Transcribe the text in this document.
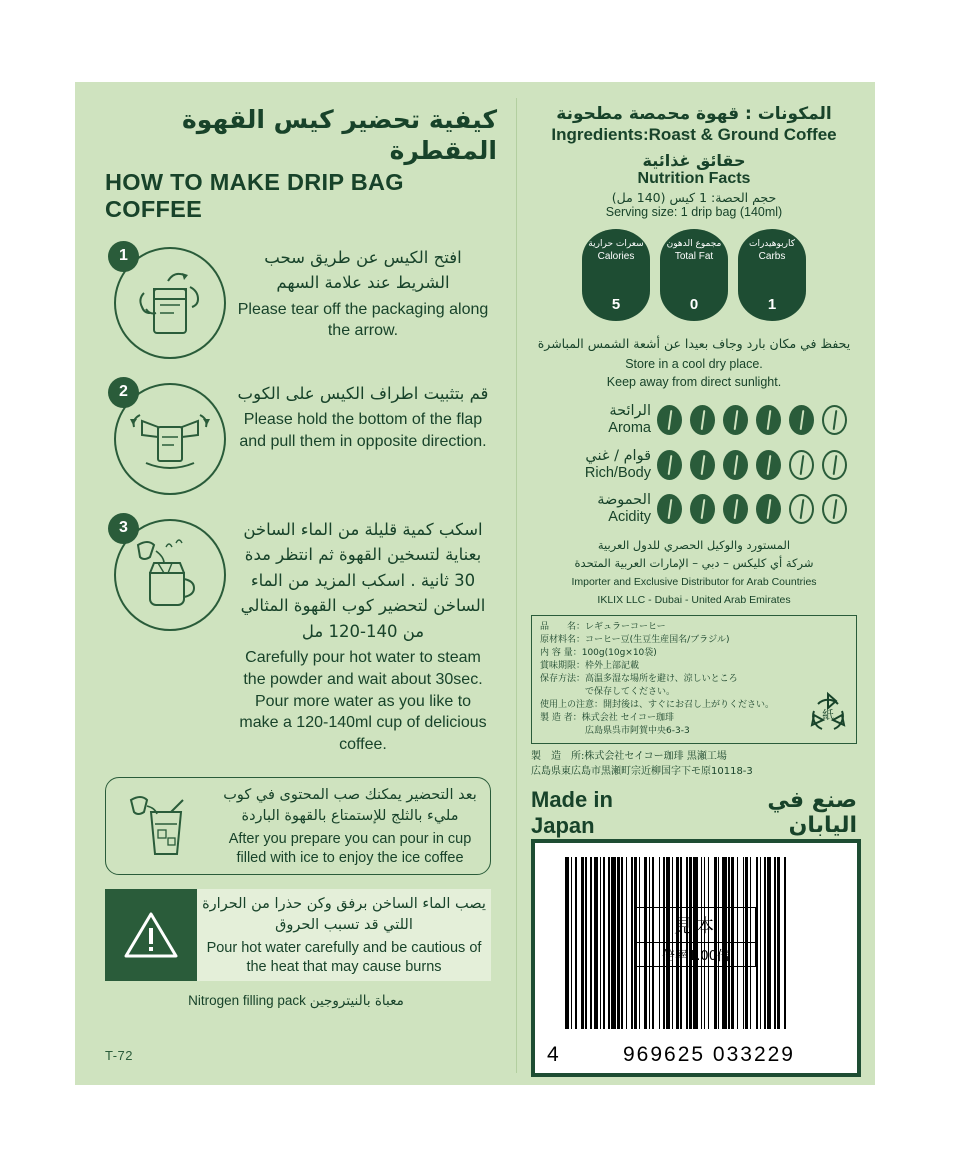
كيفية تحضير كيس القهوة المقطرة
HOW TO MAKE DRIP BAG COFFEE
1	افتح الكيس عن طريق سحب الشريط عند علامة السهم
Please tear off the packaging along the arrow.
2	قم بتثبيت اطراف الكيس على الكوب
Please hold the bottom of the flap and pull them in opposite direction.
3	اسكب كمية قليلة من الماء الساخن بعناية لتسخين القهوة ثم انتظر مدة 30 ثانية . اسكب المزيد من الماء الساخن لتحضير كوب القهوة المثالي من 140-120 مل
Carefully pour hot water to steam the powder and wait about 30sec. Pour more water as you like to make a 120-140ml cup of delicious coffee.
بعد التحضير يمكنك صب المحتوى في كوب مليء بالثلج للإستمتاع بالقهوة الباردة
After you prepare you can pour in cup filled with ice to enjoy the ice coffee
يصب الماء الساخن برفق وكن حذرا من الحرارة اللتي قد تسبب الحروق
Pour hot water carefully and be cautious of the heat that may cause burns
Nitrogen filling pack معباة بالنيتروجين
T-72
المكونات : قهوة محمصة مطحونة
Ingredients:Roast & Ground Coffee
حقائق غذائية
Nutrition Facts
حجم الحصة: 1 كيس (140 مل)
Serving size: 1 drip bag (140ml)
سعرات حرارية
Calories
5
مجموع الدهون
Total Fat
0
كاربوهيدرات
Carbs
1
يحفظ في مكان بارد وجاف بعيدا عن أشعة الشمس المباشرة
Store in a cool dry place.
Keep away from direct sunlight.
الرائحة
Aroma
قوام / غني
Rich/Body
الحموضة
Acidity
المستورد والوكيل الحصري للدول العربية
شركة أي كليكس – دبي – الإمارات العربية المتحدة
Importer and Exclusive Distributor for Arab Countries
IKLIX LLC - Dubai - United Arab Emirates
品　　名：レギュラーコーヒー
原材料名：コーヒー豆(生豆生産国名/ブラジル)
内 容 量：100g(10g×10袋)
賞味期限：枠外上部記載
保存方法：高温多湿な場所を避け、涼しいところ
　　　　　で保存してください。
使用上の注意：開封後は、すぐにお召し上がりください。
製 造 者：株式会社 セイコー珈琲
　　　　　広島県呉市阿賀中央6-3-3
紙
製　造　所:株式会社セイコー珈琲 黒瀬工場
広島県東広島市黒瀬町宗近柳国字下モ原10118-3
Made in Japan
صنع في اليابان
見本
倍率1.00倍
4	969625 033229
